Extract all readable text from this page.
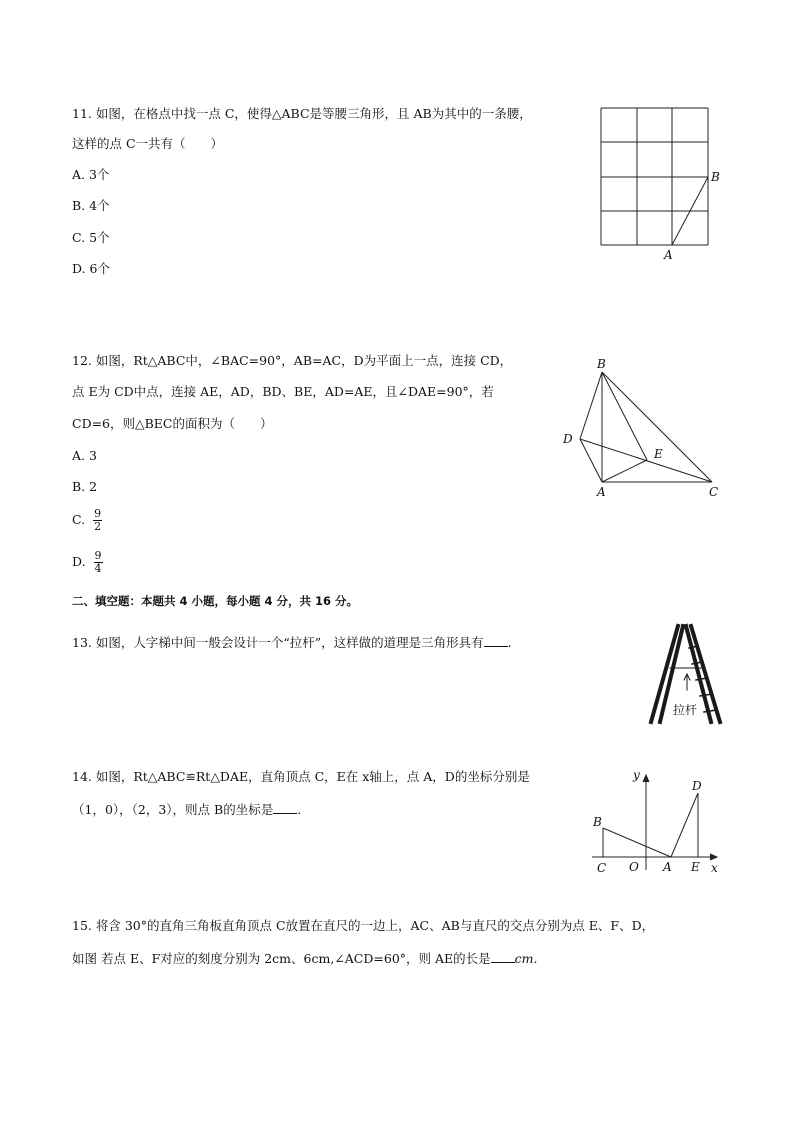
11. 如图，在格点中找一点 C，使得△ABC是等腰三角形，且 AB为其中的一条腰，
这样的点 C一共有（　　）
A. 3个
B. 4个
C. 5个
D. 6个
B
A
12. 如图，Rt△ABC中，∠BAC=90°，AB=AC，D为平面上一点，连接 CD，
点 E为 CD中点，连接 AE，AD，BD、BE，AD=AE，且∠DAE=90°，若
CD=6，则△BEC的面积为（　　）
A. 3
B. 2
C. $\frac{9}{2}$
D. $\frac{9}{4}$
B
D
E
A	C
二、填空题：本题共 4 小题，每小题 4 分，共 16 分。
13. 如图，人字梯中间一般会设计一个“拉杆”，这样做的道理是三角形具有 .
拉杆
14. 如图，Rt△ABC≌Rt△DAE，直角顶点 C，E在 x轴上，点 A，D的坐标分别是
（1，0），（2，3），则点 B的坐标是 .
y
x
B
D
C O A E
15. 将含 30°的直角三角板直角顶点 C放置在直尺的一边上，AC、AB与直尺的交点分别为点 E、F、D，
如图 若点 E、F对应的刻度分别为 2cm、6cm,∠ACD=60°，则 AE的长是 cm.
